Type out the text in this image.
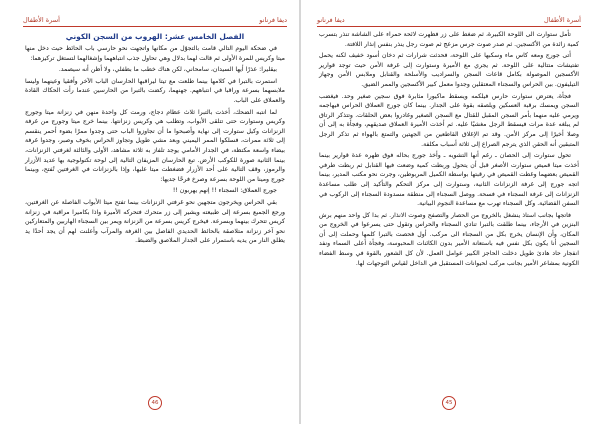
ديفا فرنانو
أسرة الأطفال
الفصل الخامس عشر: الهروب من السجن الكوني

في ضحكة اليوم التالي قامت بالتجوّل من مكانها واتجهت نحو حارسي باب الحائط حيث دخل منها ميتا وكريس للمرة الأولى ثم قالت لهما بدلال وهي تحاول جذب انتباههما وإشغالهما لتستغل تركيزهما:

بيقليرا: عذرًا أيها السيدان، سامحاني، لكن هناك خطب ما بطفلي، ولا أظن أنه سيصمد.

استمرت بالتبرا في كلامها بينما طلعت مع تيتا ليراقبها الحارسان الباب الآخر وأفقيا وعينهما وليسا ملابسهما بسرعة وراقبا في انتباههم. جهنهما، ركضت بالتبرا من الحارسين عندما رأت الحكاك القادة والعملاق على الباب.

لما انتبه الضحك، أخذت بالتبرا ثلاث عظام دجاج، ورمت كل واحدة منهن في زنزانة ميتا وجورج وكريس وستوارت حتى تتلقى الأبواب، وتطلب هي وكريس زنزانتها. بينما خرج ميتا وجورج من غرفة الزنزانات وكيل ستوارت إلى نهاية وأصبحوا ما أن تجاوزوا الباب حتى وجدوا ممرًا بضوء أحمر ينقسم إلى ثلاثة ممرات، فسلكوا الممر اليميني وبعد مشي طويل وتجاوز الحراس بخوف وصبر، وجدوا غرفة بيضاء واسعة مكتظة، في الجدار الأمامي يوجد تلفاز به ثلاثة مشاهد، الأولى والثالثة لغرفتي الزنزانات، بينما الثانية صورة للكوكب الأرض. تبع الحارسان المزيفان التالية إلى لوحة تكنولوجية بها عديد الأزرار والرموز، وقف التالية على أحد الأزرار فضغطت ميتا عليها، وإذا بالزنزانات في الغرفتين تُفتح، وبينما جورج ومينا من اللوحة بسرعة وصرخ فرحًا جديها:

جورج العملاق: السجناء !! إنهم يهربون !!

بقي الحراس ويخرجون متجهين نحو غرفتي الزنزانات بينما تفتح ميتا الأبواب الفاصلة عن الغرفتين، ورجع الجميع بسرعة إلى طبيعته ويشير إلى زر متحرك فتحركه الأميرة واذا بكاميرا مراقبة في زنزانة كريس تتحرك بينهما وبسرعة. فيخرج كريس بسرعة من الزنزانة ويمر بين السجناء الهاربين والمتعاركين نحو آخر زنزانة متلاصقة بالحائط الحديدي الفاصل بين الغرفة والمرآب وأعلنت لهم أن يجد أحدًا يد يطلق النار من يديه باستمرار على الجدار الملاصق والضبط.

46
أسرة الأطفال
ديفا فرنانو

تأمل ستوارت الى اللوحة الكبيرة، ثم ضغط على زر فظهرت لائحة حمراء على الشاشة تنذر بتسرب كمية زائدة من الأكسجين. ثم صدر صوت جرس مزعج ثم صوت رجل ينذر بنفس إنذار اللافتة.

أتى جورج ومعه كاس ماء وسكبها على اللوحة، فحدثت شرارات ثم دخان أسود خفيف لكنه يحمل تفتيشات متتالية على اللوحة. ثم يجري مع الأميرة وستوارت إلى غرفة الأمن حيث توجد قوارير الأكسجين الموصولة بكامل قاعات السجن والسراديب والأسلحة والقنابل وملابس الأمن وجهاز التيليفون. بين الحراس والسجناء المعتقلين وجدوا معمل كبير الأكسجين والممر الضيق.

فجأة، يعترض ستوارت حارس فيلكمه ويسقط ماكيورا مثابرة فوق سجين صغير وحد. فيغضب السجن ويمسك برقبة العسكين ويلصقه بقوة على الجدار. بينما كان جورج العملاق الحراس فيهاجمه ويرمي عليه منهما بأمر السجن المقبل للقتال مع السجن الصغير وغادروا بعض الحلقات. وتتذكر الرتاق لم يبلغه عدة مرات فيسقط الرجل مغشيًا عليه. ثم أخذت الأميرة العملاق صديقهم، وفجأة به إلى أن وصلا أخيرًا إلى مركز الأمن. وقد تم الإغلاق القاطعين من الجهتين والتمتع بالهواء ثم تذكر الرجل المتبقين أنه الحقن الذي يترجم الصراع إلى ثلاثة أسباب مكلفة.

تحول ستوارت إلى الحصان ـ رغم أنها التشويه ـ وأخذ جورج بحاله فوق ظهره عدة قوارير بينما أخذت ميتا قميص ستوارت الأصغر قبل أن يتحول وربطت كمية وضعت فيها القنابل ثم ربطت طرفي القميص بعضهما وغطت القميص في رقبتها بواسطة الكميل المربوطين، وجرت نحو مكتب المدير، بينما اتجه جورج إلى غرفة الزنزانات الثانية، وستوارت إلى مركز التحكم والتأكيد إلى طلب مساعدة الزنزانات إلى غرفة السجناء في فسحة. ووصل السجناء إلى منطقة مسدودة السجناء إلى الركوب في السفن الفضائية. وكل السجناء تهرب مع مساعدة النجوم البيانية.

فاتجها بجانب استاذ ينشغل بالخروج من الحصار والتصفح وصوت الانذار. ثم بدا كل واحد منهم برش البنزين في الأرجاء، بينما طلقت بالتبرا تنادي السجناء والحراس وتقول حتى يسرعوا في الخروج من المكان، وأن الإنسان يخرج بكل من السجناء الى مركب. أول فحصت بالتبرا كلمها وحملت إلى أن السجين أنا يكون بكل نفس فيه باستعانة الأمير بدون الكائنات المحبوسة، وفجأة أعلى السماء ونفد انفجار حاد هادئ طويل دخلت الحاجز الكبير عوامل العمل. لأن كل الشعور بالقوة في وسط الفضاء الكونية بمشاعر الأمير بجانب مركب لحيوانات المستقبل في الداخل لقياس التوجهات لها.

45
